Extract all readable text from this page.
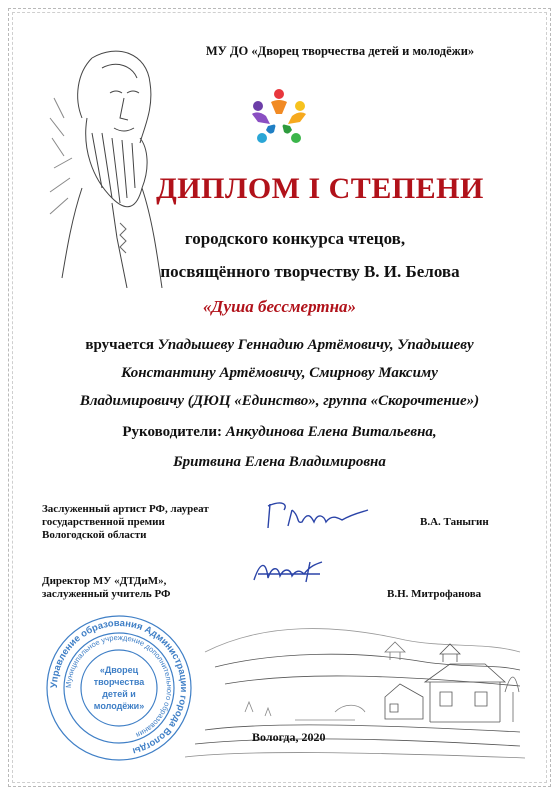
МУ ДО «Дворец творчества детей и молодёжи»
ДИПЛОМ I СТЕПЕНИ
городского конкурса чтецов,
посвящённого творчеству В. И. Белова
«Душа бессмертна»
вручается Упадышеву Геннадию Артёмовичу, Упадышеву
Константину Артёмовичу, Смирнову Максиму
Владимировичу (ДЮЦ «Единство», группа «Скорочтение»)
Руководители: Анкудинова Елена Витальевна,
Бритвина Елена Владимировна
Заслуженный артист РФ, лауреат
государственной премии
Вологодской области
В.А. Таныгин
Директор МУ «ДТДиМ»,
заслуженный учитель РФ	В.Н. Митрофанова
Управление образования Администрации города Вологды
Муниципальное учреждение дополнительного образования
«Дворец
творчества
детей и
молодёжи»
Вологда, 2020
